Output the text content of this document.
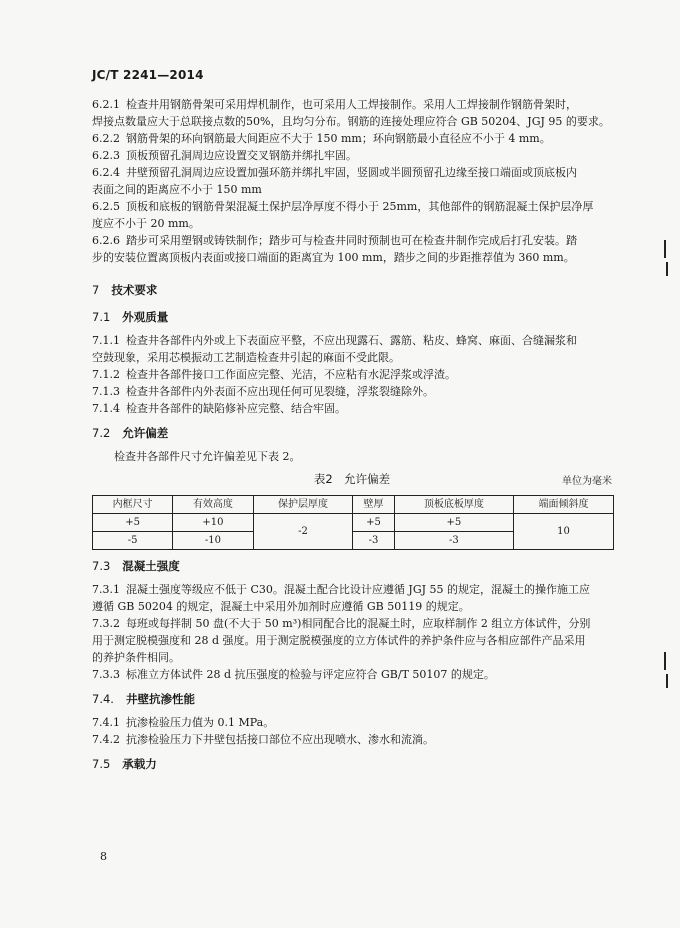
JC/T 2241—2014

6.2.1 检查井用钢筋骨架可采用焊机制作，也可采用人工焊接制作。采用人工焊接制作钢筋骨架时，

焊接点数量应大于总联接点数的50%，且均匀分布。钢筋的连接处理应符合 GB 50204、JGJ 95 的要求。

6.2.2 钢筋骨架的环向钢筋最大间距应不大于 150 mm；环向钢筋最小直径应不小于 4 mm。

6.2.3 顶板预留孔洞周边应设置交叉钢筋并绑扎牢固。

6.2.4 井壁预留孔洞周边应设置加强环筋并绑扎牢固，竖圆或半圆预留孔边缘至接口端面或顶底板内

表面之间的距离应不小于 150 mm

6.2.5 顶板和底板的钢筋骨架混凝土保护层净厚度不得小于 25mm，其他部件的钢筋混凝土保护层净厚

度应不小于 20 mm。

6.2.6 踏步可采用塑钢或铸铁制作；踏步可与检查井同时预制也可在检查井制作完成后打孔安装。踏

步的安装位置离顶板内表面或接口端面的距离宜为 100 mm，踏步之间的步距推荐值为 360 mm。

7 技术要求
7.1 外观质量

7.1.1 检查井各部件内外或上下表面应平整，不应出现露石、露筋、粘皮、蜂窝、麻面、合缝漏浆和

空鼓现象，采用芯模振动工艺制造检查井引起的麻面不受此限。

7.1.2 检查井各部件接口工作面应完整、光洁，不应粘有水泥浮浆或浮渣。

7.1.3 检查井各部件内外表面不应出现任何可见裂缝，浮浆裂缝除外。

7.1.4 检查井各部件的缺陷修补应完整、结合牢固。

7.2 允许偏差

检查井各部件尺寸允许偏差见下表 2。

表2　允许偏差	单位为毫米
内框尺寸	有效高度	保护层厚度	壁厚	顶板底板厚度	端面倾斜度
+5	+10	-2	+5	+5	10
-5	-10		-3	-3	
7.3 混凝土强度

7.3.1 混凝土强度等级应不低于 C30。混凝土配合比设计应遵循 JGJ 55 的规定，混凝土的操作施工应

遵循 GB 50204 的规定，混凝土中采用外加剂时应遵循 GB 50119 的规定。

7.3.2 每班或每拌制 50 盘(不大于 50 m³)相同配合比的混凝土时，应取样制作 2 组立方体试件，分别

用于测定脱模强度和 28 d 强度。用于测定脱模强度的立方体试件的养护条件应与各相应部件产品采用

的养护条件相同。

7.3.3 标准立方体试件 28 d 抗压强度的检验与评定应符合 GB/T 50107 的规定。

7.4. 井壁抗渗性能

7.4.1 抗渗检验压力值为 0.1 MPa。

7.4.2 抗渗检验压力下井壁包括接口部位不应出现喷水、渗水和流淌。

7.5 承载力
8
